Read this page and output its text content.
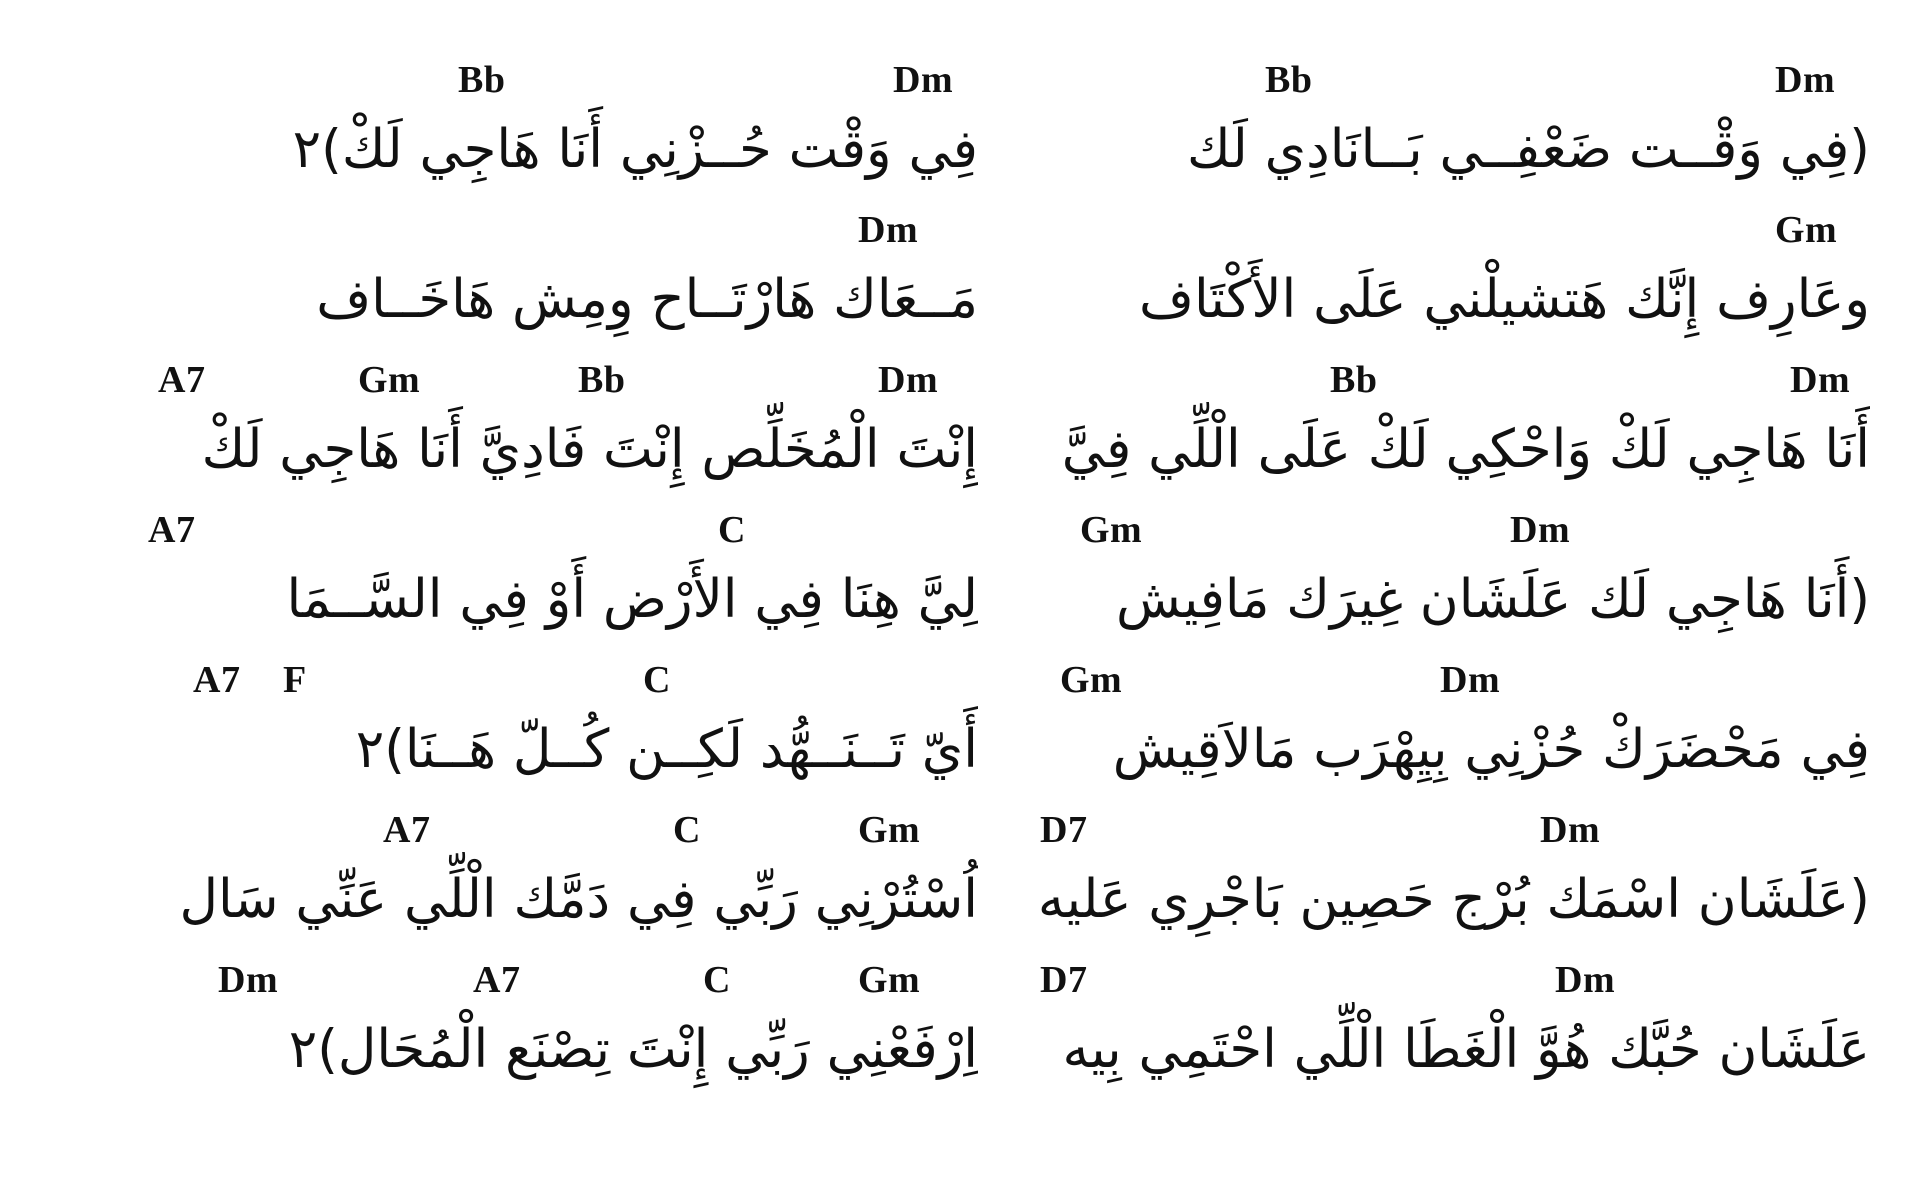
Bb	Dm
فِي وَقْت حُــزْنِي أَنَا هَاجِي لَكْ)٢
Dm
مَــعَاك هَارْتَــاح وِمِش هَاخَــاف
A7	Gm	Bb	Dm
إِنْتَ الْمُخَلِّص إِنْتَ فَادِيَّ أَنَا هَاجِي لَكْ
A7	C
لِيَّ هِنَا فِي الأَرْض أَوْ فِي السَّــمَا
A7 F	C
أَيّ تَــنَــهُّد لَكِــن كُــلّ هَــنَا)٢
A7	C	Gm
اُسْتُرْنِي رَبِّي فِي دَمَّك الْلِّي عَنِّي سَال
Dm	A7	C	Gm
اِرْفَعْنِي رَبِّي إِنْتَ تِصْنَع الْمُحَال)٢
Bb	Dm
(فِي وَقْــت ضَعْفِــي بَــانَادِي لَك
Gm
وعَارِف إِنَّك هَتشيلْني عَلَى الأَكْتَاف
Bb	Dm
أَنَا هَاجِي لَكْ وَاحْكِي لَكْ عَلَى الْلِّي فِيَّ
Gm	Dm
(أَنَا هَاجِي لَك عَلَشَان غِيرَك مَافِيش
Gm	Dm
فِي مَحْضَرَكْ حُزْنِي بِيِهْرَب مَالاَقِيش
D7	Dm
(عَلَشَان اسْمَك بُرْج حَصِين بَاجْرِي عَليه
D7	Dm
عَلَشَان حُبَّك هُوَّ الْغَطَا الْلِّي احْتَمِي بِيه
